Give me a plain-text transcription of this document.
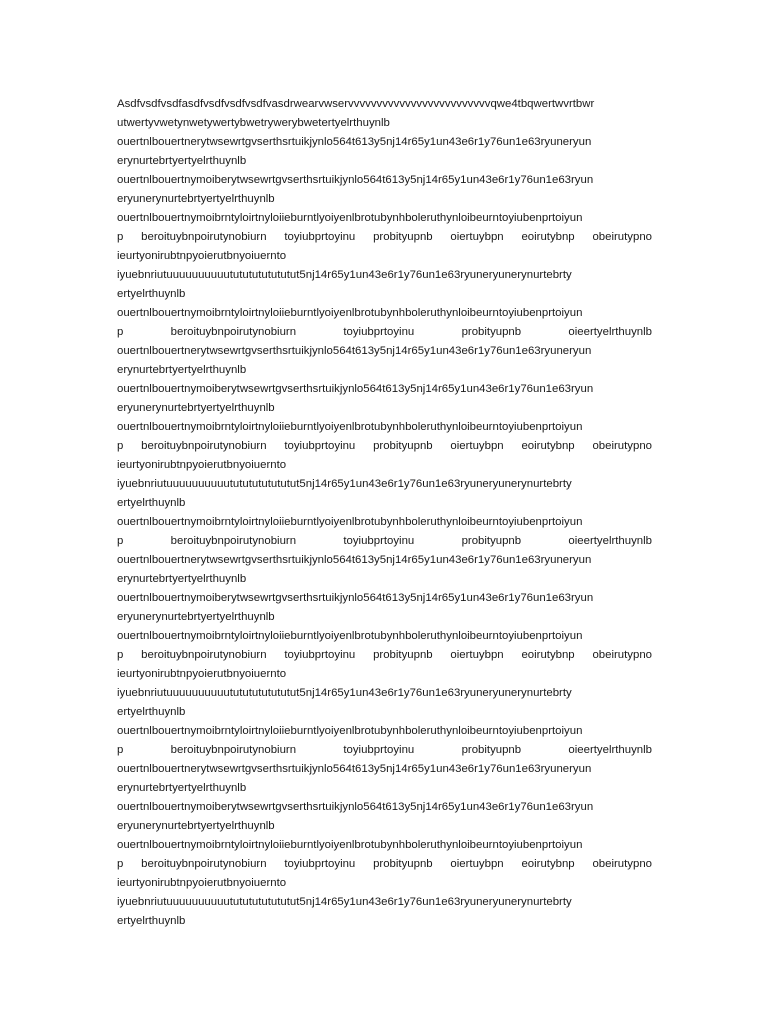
Asdfvsdfvsdfasdfvsdfvsdfvsdfvasdrwearvwservvvvvvvvvvvvvvvvvvvvvvvvvqwe4tbqwertwvrtbwr
utwertyvwetynwetywertybwetrywerybwetertyelrthuynlb
ouertnlbouertnerytwsewrtgvserthsrtuikjynlo564t613y5nj14r65y1un43e6r1y76un1e63ryuneryun
erynurtebrtyertyelrthuynlb
ouertnlbouertnymoiberytwsewrtgvserthsrtuikjynlo564t613y5nj14r65y1un43e6r1y76un1e63ryun
eryunerynurtebrtyertyelrthuynlb
ouertnlbouertnymoibrntyloirtnyloiieburntlyoiyenlbrotubynhboleruthynloibeurntoyiubenprtoiyun
p beroituybnpoirutynobiurn toyiubprtoyinu probityupnb oiertuybpn eoirutybnp obeirutypno
ieurtyonirubtnpyoierutbnyoiuernto
iyuebnriutuuuuuuuuuutututututututut5nj14r65y1un43e6r1y76un1e63ryuneryunerynurtebrty
ertyelrthuynlb
ouertnlbouertnymoibrntyloirtnyloiieburntlyoiyenlbrotubynhboleruthynloibeurntoyiubenprtoiyun
p beroituybnpoirutynobiurn toyiubprtoyinu probityupnb oieertyelrthuynlb
ouertnlbouertnerytwsewrtgvserthsrtuikjynlo564t613y5nj14r65y1un43e6r1y76un1e63ryuneryun
erynurtebrtyertyelrthuynlb
ouertnlbouertnymoiberytwsewrtgvserthsrtuikjynlo564t613y5nj14r65y1un43e6r1y76un1e63ryun
eryunerynurtebrtyertyelrthuynlb
ouertnlbouertnymoibrntyloirtnyloiieburntlyoiyenlbrotubynhboleruthynloibeurntoyiubenprtoiyun
p beroituybnpoirutynobiurn toyiubprtoyinu probityupnb oiertuybpn eoirutybnp obeirutypno
ieurtyonirubtnpyoierutbnyoiuernto
iyuebnriutuuuuuuuuuutututututututut5nj14r65y1un43e6r1y76un1e63ryuneryunerynurtebrty
ertyelrthuynlb
ouertnlbouertnymoibrntyloirtnyloiieburntlyoiyenlbrotubynhboleruthynloibeurntoyiubenprtoiyun
p beroituybnpoirutynobiurn toyiubprtoyinu probityupnb oieertyelrthuynlb
ouertnlbouertnerytwsewrtgvserthsrtuikjynlo564t613y5nj14r65y1un43e6r1y76un1e63ryuneryun
erynurtebrtyertyelrthuynlb
ouertnlbouertnymoiberytwsewrtgvserthsrtuikjynlo564t613y5nj14r65y1un43e6r1y76un1e63ryun
eryunerynurtebrtyertyelrthuynlb
ouertnlbouertnymoibrntyloirtnyloiieburntlyoiyenlbrotubynhboleruthynloibeurntoyiubenprtoiyun
p beroituybnpoirutynobiurn toyiubprtoyinu probityupnb oiertuybpn eoirutybnp obeirutypno
ieurtyonirubtnpyoierutbnyoiuernto
iyuebnriutuuuuuuuuuutututututututut5nj14r65y1un43e6r1y76un1e63ryuneryunerynurtebrty
ertyelrthuynlb
ouertnlbouertnymoibrntyloirtnyloiieburntlyoiyenlbrotubynhboleruthynloibeurntoyiubenprtoiyun
p beroituybnpoirutynobiurn toyiubprtoyinu probityupnb oieertyelrthuynlb
ouertnlbouertnerytwsewrtgvserthsrtuikjynlo564t613y5nj14r65y1un43e6r1y76un1e63ryuneryun
erynurtebrtyertyelrthuynlb
ouertnlbouertnymoiberytwsewrtgvserthsrtuikjynlo564t613y5nj14r65y1un43e6r1y76un1e63ryun
eryunerynurtebrtyertyelrthuynlb
ouertnlbouertnymoibrntyloirtnyloiieburntlyoiyenlbrotubynhboleruthynloibeurntoyiubenprtoiyun
p beroituybnpoirutynobiurn toyiubprtoyinu probityupnb oiertuybpn eoirutybnp obeirutypno
ieurtyonirubtnpyoierutbnyoiuernto
iyuebnriutuuuuuuuuuutututututututut5nj14r65y1un43e6r1y76un1e63ryuneryunerynurtebrty
ertyelrthuynlb
